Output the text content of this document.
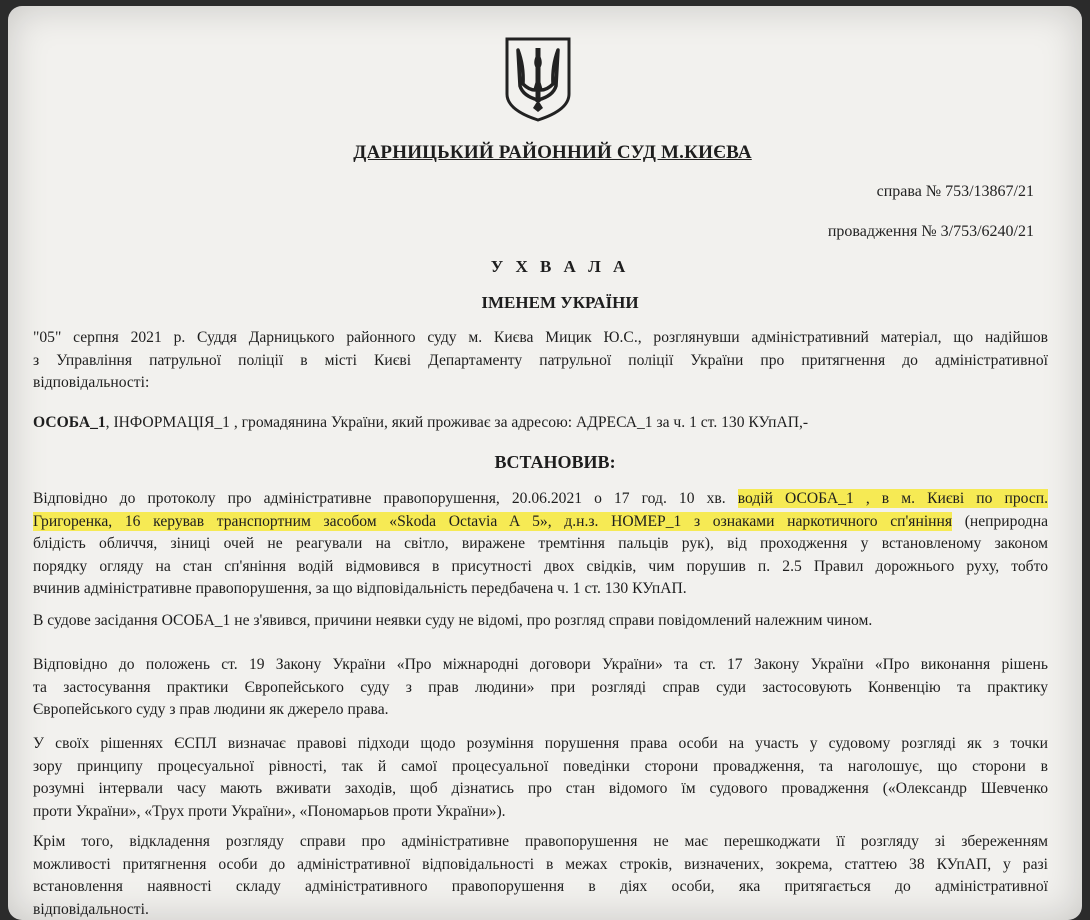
ДАРНИЦЬКИЙ РАЙОННИЙ СУД М.КИЄВА
справа № 753/13867/21
провадження № 3/753/6240/21
У Х В А Л А
ІМЕНЕМ УКРАЇНИ
"05" серпня 2021 р. Суддя Дарницького районного суду м. Києва Мицик Ю.С., розглянувши адміністративний матеріал, що надійшов
з Управління патрульної поліції в місті Києві Департаменту патрульної поліції України про притягнення до адміністративної
відповідальності:
ОСОБА_1, ІНФОРМАЦІЯ_1 , громадянина України, який проживає за адресою: АДРЕСА_1 за ч. 1 ст. 130 КУпАП,-
ВСТАНОВИВ:
Відповідно до протоколу про адміністративне правопорушення, 20.06.2021 о 17 год. 10 хв. водій ОСОБА_1 , в м. Києві по просп.
Григоренка, 16 керував транспортним засобом «Skoda Octavia A 5», д.н.з. НОМЕР_1 з ознаками наркотичного сп'яніння (неприродна
блідість обличчя, зіниці очей не реагували на світло, виражене тремтіння пальців рук), від проходження у встановленому законом
порядку огляду на стан сп'яніння водій відмовився в присутності двох свідків, чим порушив п. 2.5 Правил дорожнього руху, тобто
вчинив адміністративне правопорушення, за що відповідальність передбачена ч. 1 ст. 130 КУпАП.
В судове засідання ОСОБА_1 не з'явився, причини неявки суду не відомі, про розгляд справи повідомлений належним чином.
Відповідно до положень ст. 19 Закону України «Про міжнародні договори України» та ст. 17 Закону України «Про виконання рішень
та застосування практики Європейського суду з прав людини» при розгляді справ суди застосовують Конвенцію та практику
Європейського суду з прав людини як джерело права.
У своїх рішеннях ЄСПЛ визначає правові підходи щодо розуміння порушення права особи на участь у судовому розгляді як з точки
зору принципу процесуальної рівності, так й самої процесуальної поведінки сторони провадження, та наголошує, що сторони в
розумні інтервали часу мають вживати заходів, щоб дізнатись про стан відомого їм судового провадження («Олександр Шевченко
проти України», «Трух проти України», «Пономарьов проти України»).
Крім того, відкладення розгляду справи про адміністративне правопорушення не має перешкоджати її розгляду зі збереженням
можливості притягнення особи до адміністративної відповідальності в межах строків, визначених, зокрема, статтею 38 КУпАП, у разі
встановлення наявності складу адміністративного правопорушення в діях особи, яка притягається до адміністративної
відповідальності.
